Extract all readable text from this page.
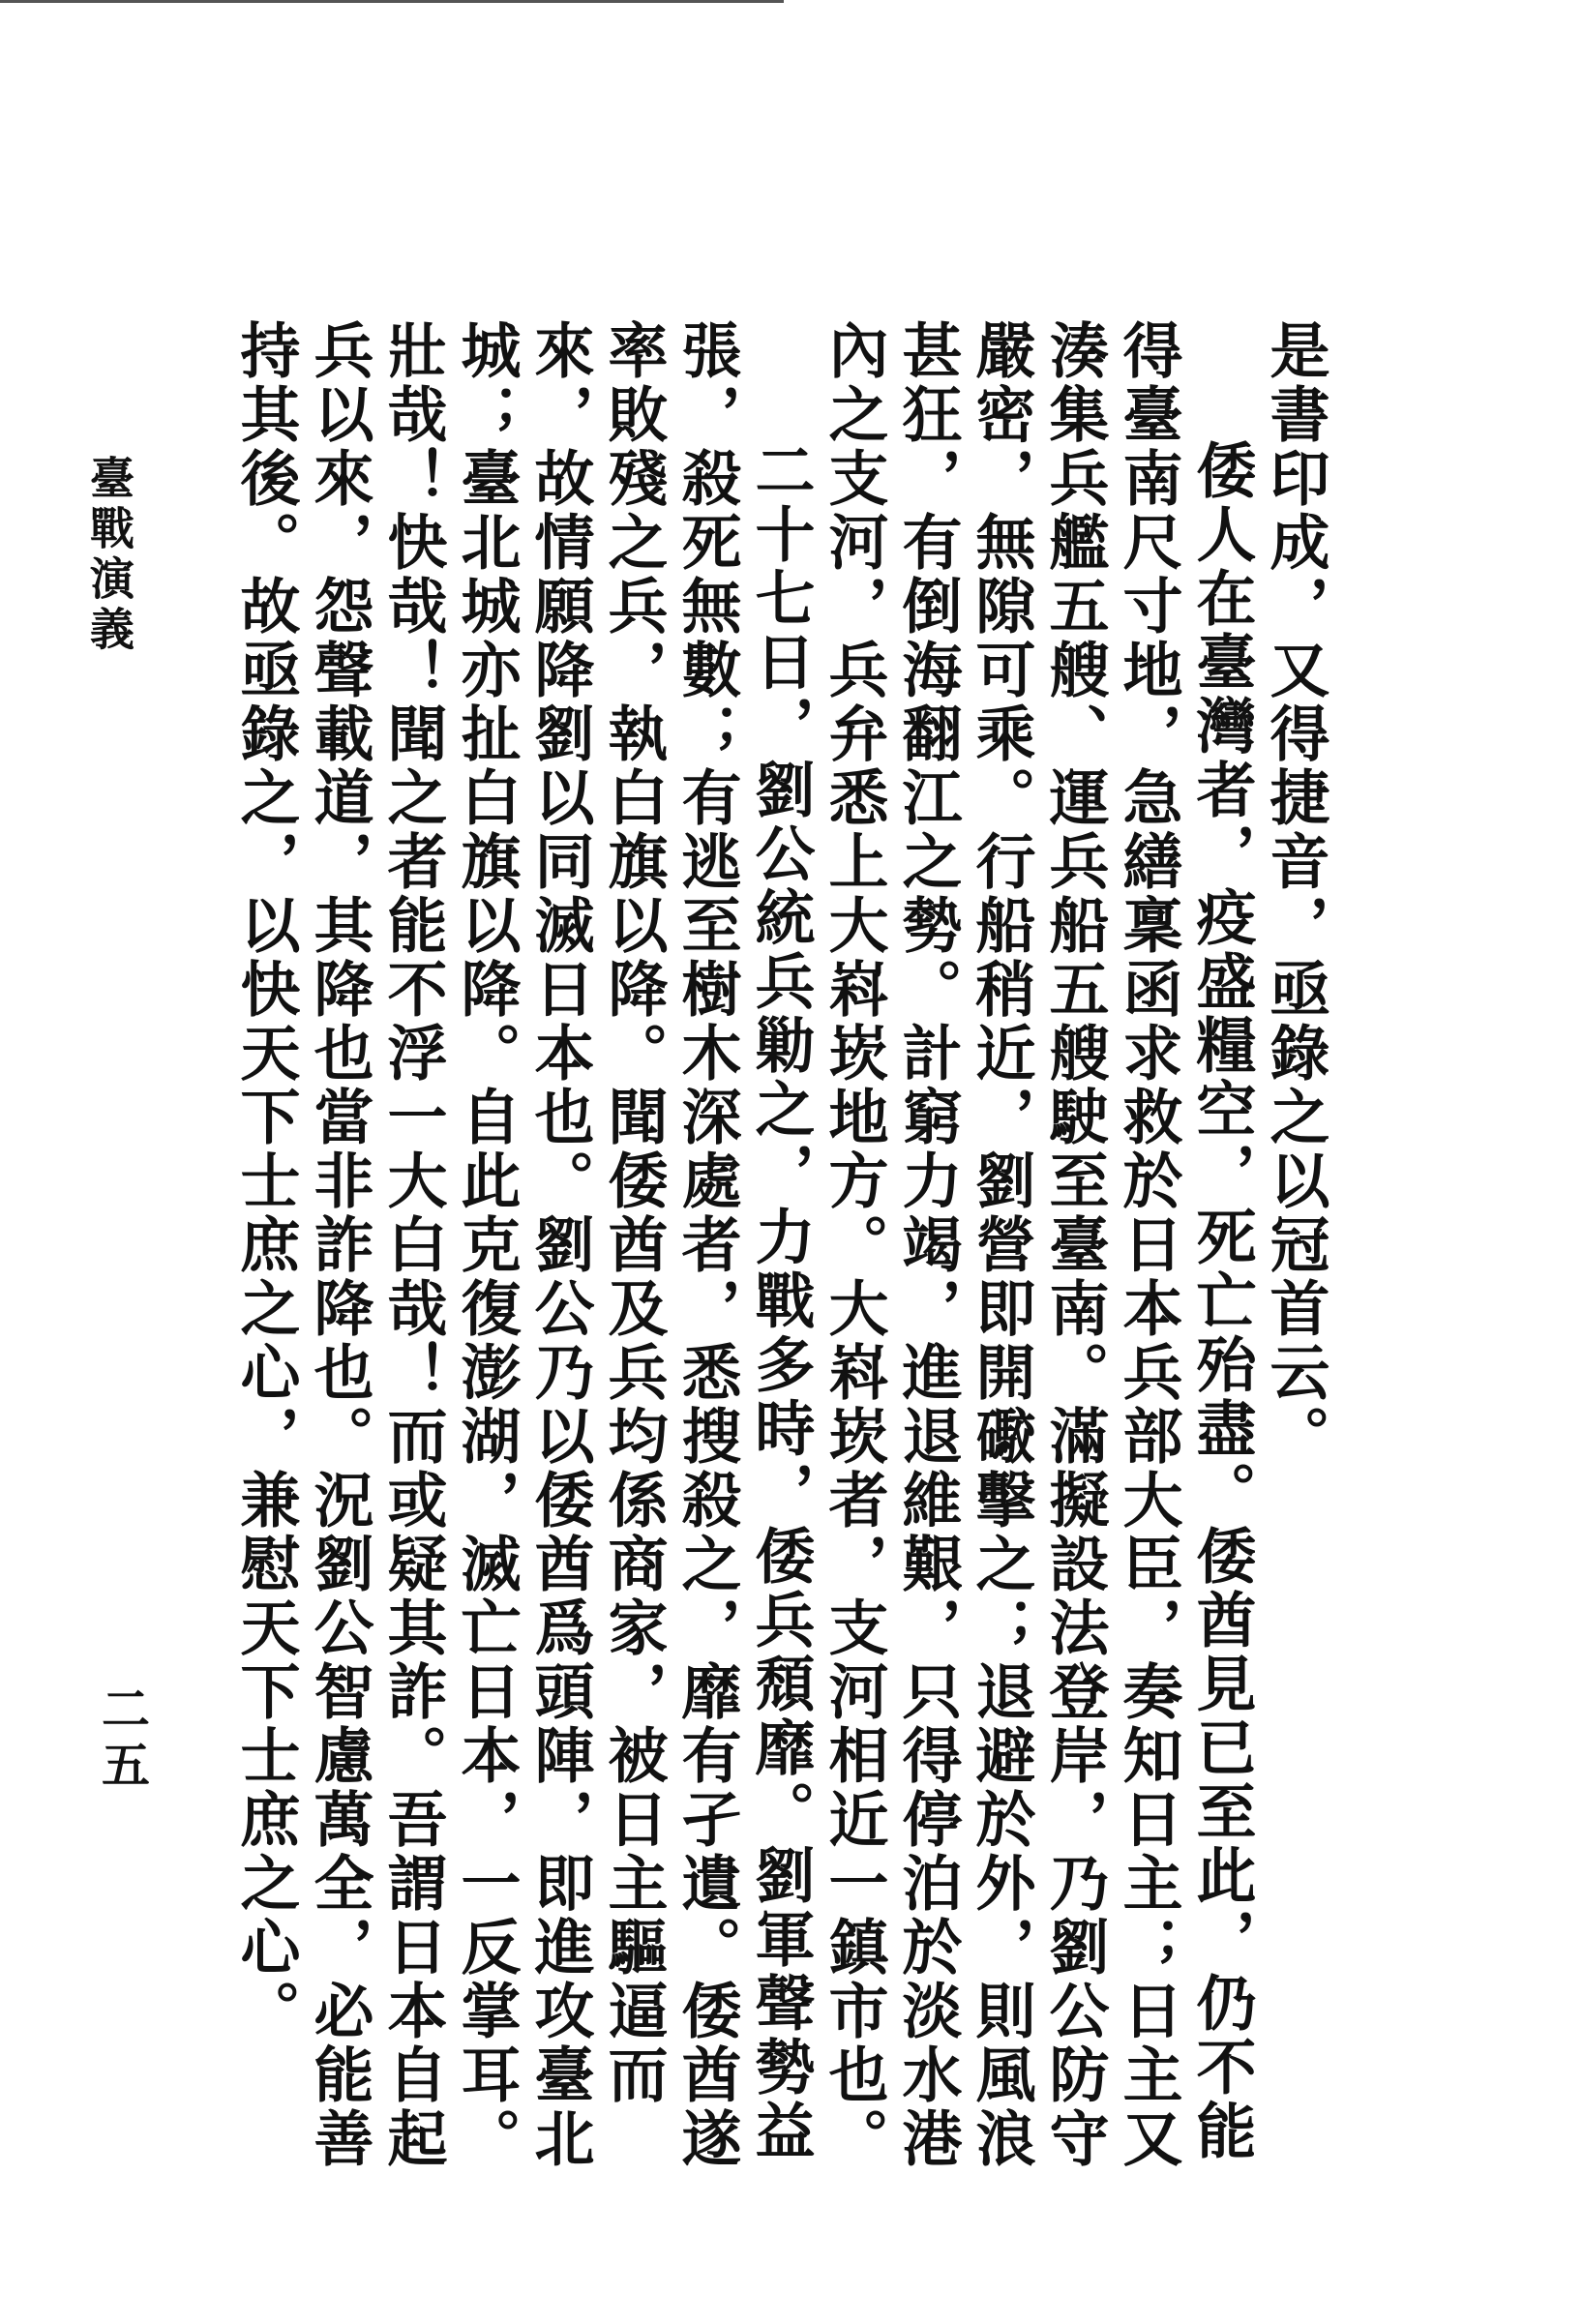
是書印成，又得捷音，亟錄之以冠首云。

倭人在臺灣者，疫盛糧空，死亡殆盡。倭酋見已至此，仍不能得臺南尺寸地，急繕稟函求救於日本兵部大臣，奏知日主；日主又湊集兵艦五艘、運兵船五艘駛至臺南。滿擬設法登岸，乃劉公防守嚴密，無隙可乘。行船稍近，劉營即開礮擊之；退避於外，則風浪甚狂，有倒海翻江之勢。計窮力竭，進退維艱，只得停泊於淡水港內之支河，兵弁悉上大嵙崁地方。大嵙崁者，支河相近一鎮市也。

二十七日，劉公統兵勦之，力戰多時，倭兵頹靡。劉軍聲勢益張，殺死無數；有逃至樹木深處者，悉搜殺之，靡有孑遺。倭酋遂率敗殘之兵，執白旗以降。聞倭酋及兵均係商家，被日主驅逼而來，故情願降劉以同滅日本也。劉公乃以倭酋爲頭陣，即進攻臺北城；臺北城亦扯白旗以降。自此克復澎湖，滅亡日本，一反掌耳。壯哉！快哉！聞之者能不浮一大白哉！而或疑其詐。吾謂日本自起兵以來，怨聲載道，其降也當非詐降也。況劉公智慮萬全，必能善持其後。故亟錄之，以快天下士庶之心，兼慰天下士庶之心。

臺戰演義
二五
